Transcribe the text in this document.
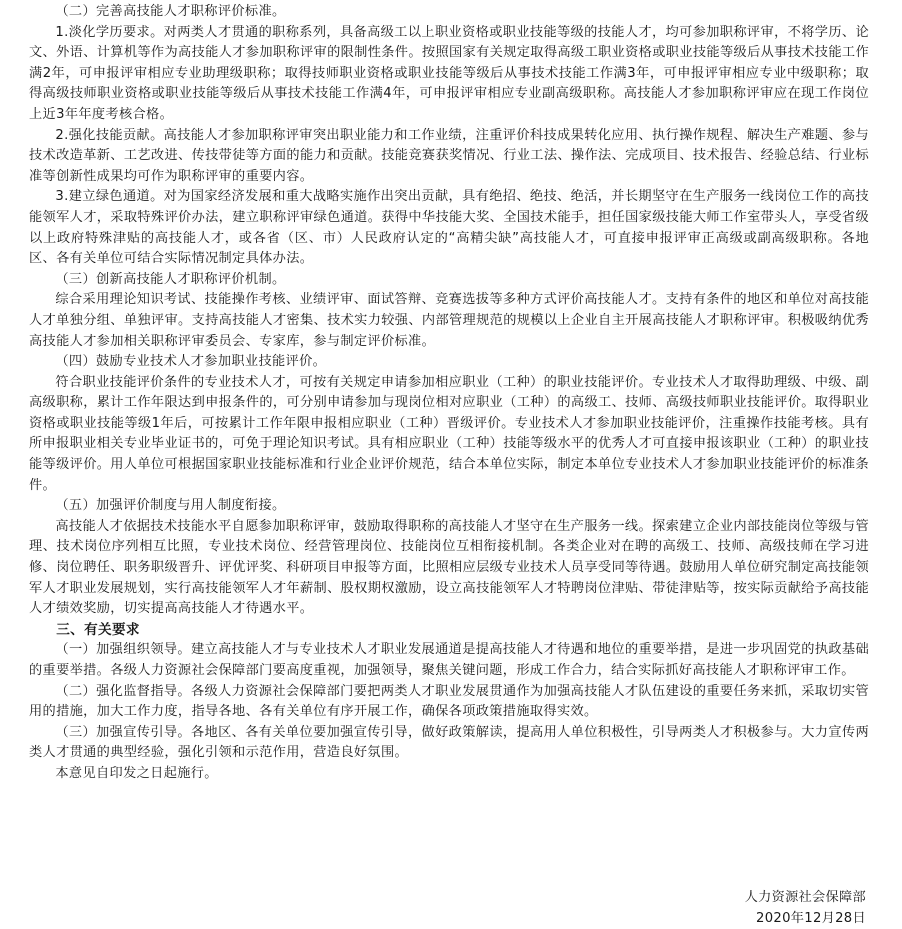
（二）完善高技能人才职称评价标准。

1.淡化学历要求。对两类人才贯通的职称系列，具备高级工以上职业资格或职业技能等级的技能人才，均可参加职称评审，不将学历、论文、外语、计算机等作为高技能人才参加职称评审的限制性条件。按照国家有关规定取得高级工职业资格或职业技能等级后从事技术技能工作满2年，可申报评审相应专业助理级职称；取得技师职业资格或职业技能等级后从事技术技能工作满3年，可申报评审相应专业中级职称；取得高级技师职业资格或职业技能等级后从事技术技能工作满4年，可申报评审相应专业副高级职称。高技能人才参加职称评审应在现工作岗位上近3年年度考核合格。

2.强化技能贡献。高技能人才参加职称评审突出职业能力和工作业绩，注重评价科技成果转化应用、执行操作规程、解决生产难题、参与技术改造革新、工艺改进、传技带徒等方面的能力和贡献。技能竞赛获奖情况、行业工法、操作法、完成项目、技术报告、经验总结、行业标准等创新性成果均可作为职称评审的重要内容。

3.建立绿色通道。对为国家经济发展和重大战略实施作出突出贡献，具有绝招、绝技、绝活，并长期坚守在生产服务一线岗位工作的高技能领军人才，采取特殊评价办法，建立职称评审绿色通道。获得中华技能大奖、全国技术能手，担任国家级技能大师工作室带头人，享受省级以上政府特殊津贴的高技能人才，或各省（区、市）人民政府认定的“高精尖缺”高技能人才，可直接申报评审正高级或副高级职称。各地区、各有关单位可结合实际情况制定具体办法。

（三）创新高技能人才职称评价机制。

综合采用理论知识考试、技能操作考核、业绩评审、面试答辩、竞赛选拔等多种方式评价高技能人才。支持有条件的地区和单位对高技能人才单独分组、单独评审。支持高技能人才密集、技术实力较强、内部管理规范的规模以上企业自主开展高技能人才职称评审。积极吸纳优秀高技能人才参加相关职称评审委员会、专家库，参与制定评价标准。

（四）鼓励专业技术人才参加职业技能评价。

符合职业技能评价条件的专业技术人才，可按有关规定申请参加相应职业（工种）的职业技能评价。专业技术人才取得助理级、中级、副高级职称，累计工作年限达到申报条件的，可分别申请参加与现岗位相对应职业（工种）的高级工、技师、高级技师职业技能评价。取得职业资格或职业技能等级1年后，可按累计工作年限申报相应职业（工种）晋级评价。专业技术人才参加职业技能评价，注重操作技能考核。具有所申报职业相关专业毕业证书的，可免于理论知识考试。具有相应职业（工种）技能等级水平的优秀人才可直接申报该职业（工种）的职业技能等级评价。用人单位可根据国家职业技能标准和行业企业评价规范，结合本单位实际，制定本单位专业技术人才参加职业技能评价的标准条件。

（五）加强评价制度与用人制度衔接。

高技能人才依据技术技能水平自愿参加职称评审，鼓励取得职称的高技能人才坚守在生产服务一线。探索建立企业内部技能岗位等级与管理、技术岗位序列相互比照，专业技术岗位、经营管理岗位、技能岗位互相衔接机制。各类企业对在聘的高级工、技师、高级技师在学习进修、岗位聘任、职务职级晋升、评优评奖、科研项目申报等方面，比照相应层级专业技术人员享受同等待遇。鼓励用人单位研究制定高技能领军人才职业发展规划，实行高技能领军人才年薪制、股权期权激励，设立高技能领军人才特聘岗位津贴、带徒津贴等，按实际贡献给予高技能人才绩效奖励，切实提高高技能人才待遇水平。

三、有关要求

（一）加强组织领导。建立高技能人才与专业技术人才职业发展通道是提高技能人才待遇和地位的重要举措，是进一步巩固党的执政基础的重要举措。各级人力资源社会保障部门要高度重视，加强领导，聚焦关键问题，形成工作合力，结合实际抓好高技能人才职称评审工作。

（二）强化监督指导。各级人力资源社会保障部门要把两类人才职业发展贯通作为加强高技能人才队伍建设的重要任务来抓，采取切实管用的措施，加大工作力度，指导各地、各有关单位有序开展工作，确保各项政策措施取得实效。

（三）加强宣传引导。各地区、各有关单位要加强宣传引导，做好政策解读，提高用人单位积极性，引导两类人才积极参与。大力宣传两类人才贯通的典型经验，强化引领和示范作用，营造良好氛围。

本意见自印发之日起施行。

人力资源社会保障部
2020年12月28日
